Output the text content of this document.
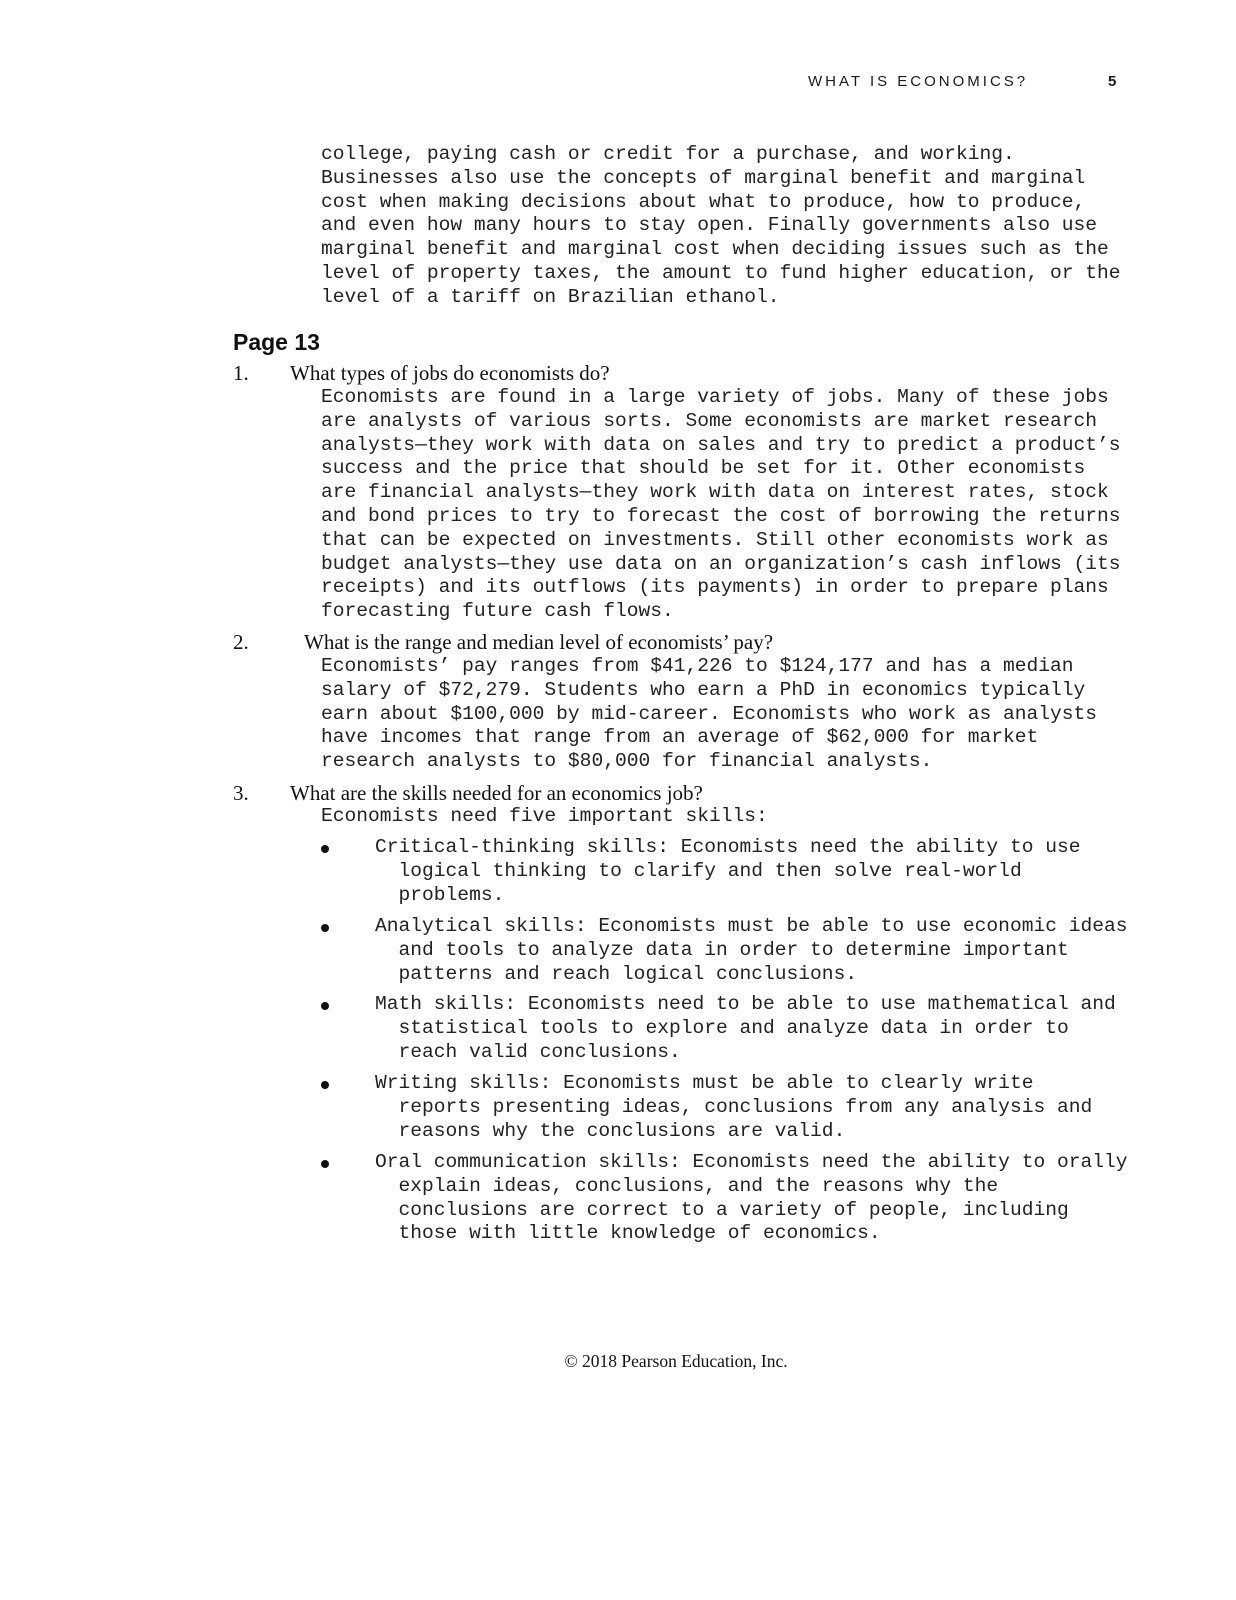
WHAT IS ECONOMICS?	5

college, paying cash or credit for a purchase, and working.
Businesses also use the concepts of marginal benefit and marginal
cost when making decisions about what to produce, how to produce,
and even how many hours to stay open. Finally governments also use
marginal benefit and marginal cost when deciding issues such as the
level of property taxes, the amount to fund higher education, or the
level of a tariff on Brazilian ethanol.

Page 13
1. What types of jobs do economists do?

Economists are found in a large variety of jobs. Many of these jobs
are analysts of various sorts. Some economists are market research
analysts—they work with data on sales and try to predict a product’s
success and the price that should be set for it. Other economists
are financial analysts—they work with data on interest rates, stock
and bond prices to try to forecast the cost of borrowing the returns
that can be expected on investments. Still other economists work as
budget analysts—they use data on an organization’s cash inflows (its
receipts) and its outflows (its payments) in order to prepare plans
forecasting future cash flows.

2.	What is the range and median level of economists’ pay?

Economists’ pay ranges from $41,226 to $124,177 and has a median
salary of $72,279. Students who earn a PhD in economics typically
earn about $100,000 by mid-career. Economists who work as analysts
have incomes that range from an average of $62,000 for market
research analysts to $80,000 for financial analysts.

3. What are the skills needed for an economics job?

Economists need five important skills:

Critical-thinking skills: Economists need the ability to use
logical thinking to clarify and then solve real-world
problems.

Analytical skills: Economists must be able to use economic ideas
and tools to analyze data in order to determine important
patterns and reach logical conclusions.

Math skills: Economists need to be able to use mathematical and
statistical tools to explore and analyze data in order to
reach valid conclusions.

Writing skills: Economists must be able to clearly write
reports presenting ideas, conclusions from any analysis and
reasons why the conclusions are valid.

Oral communication skills: Economists need the ability to orally
explain ideas, conclusions, and the reasons why the
conclusions are correct to a variety of people, including
those with little knowledge of economics.

© 2018 Pearson Education, Inc.
